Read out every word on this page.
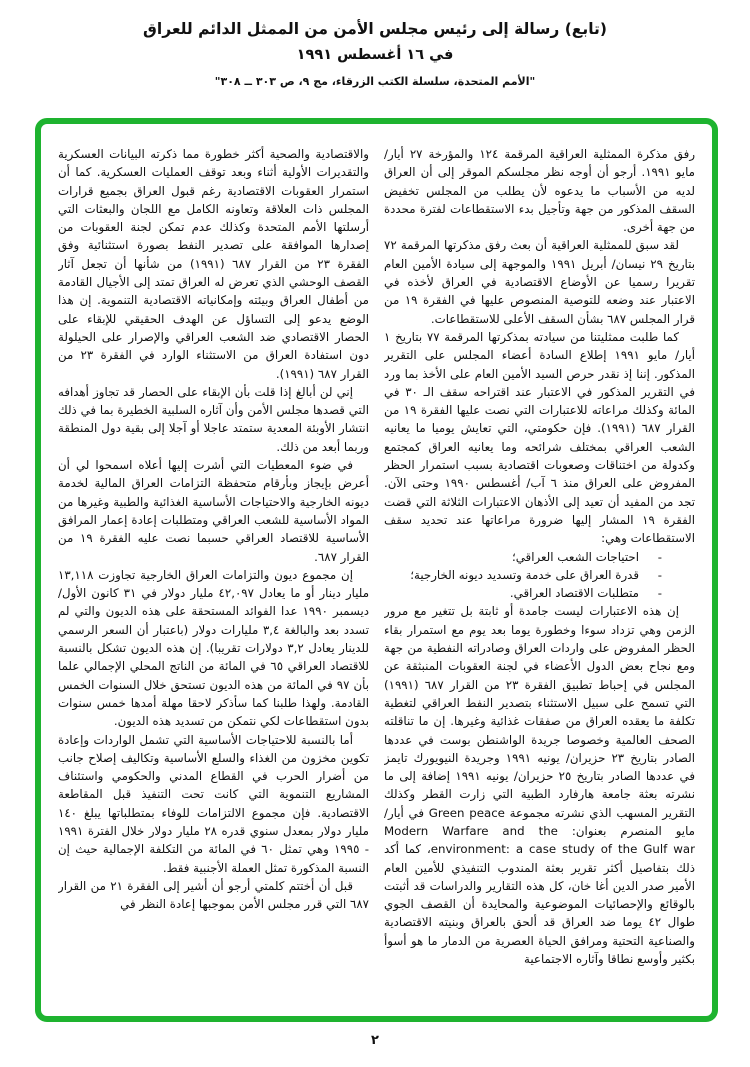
(تابع) رسالة إلى رئيس مجلس الأمن من الممثل الدائم للعراق
في ١٦ أغسطس ١٩٩١
"الأمم المتحدة، سلسلة الكتب الزرقاء، مج ٩، ص ٣٠٣ ــ ٣٠٨"

رفق مذكرة الممثلية العراقية المرقمة ١٢٤ والمؤرخة ٢٧ أيار/ مايو ١٩٩١. أرجو أن أوجه نظر مجلسكم الموقر إلى أن العراق لديه من الأسباب ما يدعوه لأن يطلب من المجلس تخفيض السقف المذكور من جهة وتأجيل بدء الاستقطاعات لفترة محددة من جهة أخرى.

لقد سبق للممثلية العراقية أن بعث رفق مذكرتها المرقمة ٧٢ بتاريخ ٢٩ نيسان/ أبريل ١٩٩١ والموجهة إلى سيادة الأمين العام تقريرا رسميا عن الأوضاع الاقتصادية في العراق لأخذه في الاعتبار عند وضعه للتوصية المنصوص عليها في الفقرة ١٩ من قرار المجلس ٦٨٧ بشأن السقف الأعلى للاستقطاعات.

كما طلبت ممثليتنا من سيادته بمذكرتها المرقمة ٧٧ بتاريخ ١ أيار/ مايو ١٩٩١ إطلاع السادة أعضاء المجلس على التقرير المذكور. إننا إذ نقدر حرص السيد الأمين العام على الأخذ بما ورد في التقرير المذكور في الاعتبار عند اقتراحه سقف الـ ٣٠ في المائة وكذلك مراعاته للاعتبارات التي نصت عليها الفقرة ١٩ من القرار ٦٨٧ (١٩٩١). فإن حكومتي، التي تعايش يوميا ما يعانيه الشعب العراقي بمختلف شرائحه وما يعانيه العراق كمجتمع وكدولة من اختناقات وصعوبات اقتصادية بسبب استمرار الحظر المفروض على العراق منذ ٦ آب/ أغسطس ١٩٩٠ وحتى الآن. تجد من المفيد أن تعيد إلى الأذهان الاعتبارات الثلاثة التي قضت الفقرة ١٩ المشار إليها ضرورة مراعاتها عند تحديد سقف الاستقطاعات وهي:

-
احتياجات الشعب العراقي؛
-
قدرة العراق على خدمة وتسديد ديونه الخارجية؛
-
متطلبات الاقتصاد العراقي.

إن هذه الاعتبارات ليست جامدة أو ثابتة بل تتغير مع مرور الزمن وهي تزداد سوءا وخطورة يوما بعد يوم مع استمرار بقاء الحظر المفروض على واردات العراق وصادراته النفطية من جهة ومع نجاح بعض الدول الأعضاء في لجنة العقوبات المنبثقة عن المجلس في إحباط تطبيق الفقرة ٢٣ من القرار ٦٨٧ (١٩٩١) التي تسمح على سبيل الاستثناء بتصدير النفط العراقي لتغطية تكلفة ما يعقده العراق من صفقات غذائية وغيرها. إن ما تناقلته الصحف العالمية وخصوصا جريدة الواشنطن بوست في عددها الصادر بتاريخ ٢٣ حزيران/ يونيه ١٩٩١ وجريدة النيويورك تايمز في عددها الصادر بتاريخ ٢٥ حزيران/ يونيه ١٩٩١ إضافة إلى ما نشرته بعثة جامعة هارفارد الطبية التي زارت القطر وكذلك التقرير المسهب الذي نشرته مجموعة Green peace في أيار/ مايو المنصرم بعنوان: Modern Warfare and the environment: a case study of the Gulf war، كما أكد ذلك بتفاصيل أكثر تقرير بعثة المندوب التنفيذي للأمين العام الأمير صدر الدين أغا خان، كل هذه التقارير والدراسات قد أثبتت بالوقائع والإحصائيات الموضوعية والمحايدة أن القصف الجوي طوال ٤٢ يوما ضد العراق قد ألحق بالعراق وبنيته الاقتصادية والصناعية التحتية ومرافق الحياة العصرية من الدمار ما هو أسوأ بكثير وأوسع نطاقا وآثاره الاجتماعية

والاقتصادية والصحية أكثر خطورة مما ذكرته البيانات العسكرية والتقديرات الأولية أثناء وبعد توقف العمليات العسكرية. كما أن استمرار العقوبات الاقتصادية رغم قبول العراق بجميع قرارات المجلس ذات العلاقة وتعاونه الكامل مع اللجان والبعثات التي أرسلتها الأمم المتحدة وكذلك عدم تمكن لجنة العقوبات من إصدارها الموافقة على تصدير النفط بصورة استثنائية وفق الفقرة ٢٣ من القرار ٦٨٧ (١٩٩١) من شأنها أن تجعل آثار القصف الوحشي الذي تعرض له العراق تمتد إلى الأجيال القادمة من أطفال العراق وبيئته وإمكانياته الاقتصادية التنموية. إن هذا الوضع يدعو إلى التساؤل عن الهدف الحقيقي للإبقاء على الحصار الاقتصادي ضد الشعب العراقي والإصرار على الحيلولة دون استفادة العراق من الاستثناء الوارد في الفقرة ٢٣ من القرار ٦٨٧ (١٩٩١).

إني لن أبالغ إذا قلت بأن الإبقاء على الحصار قد تجاوز أهدافه التي قصدها مجلس الأمن وأن آثاره السلبية الخطيرة بما في ذلك انتشار الأوبئة المعدية ستمتد عاجلا أو آجلا إلى بقية دول المنطقة وربما أبعد من ذلك.

في ضوء المعطيات التي أشرت إليها أعلاه اسمحوا لي أن أعرض بإيجاز وبأرقام متحفظة التزامات العراق المالية لخدمة ديونه الخارجية والاحتياجات الأساسية الغذائية والطبية وغيرها من المواد الأساسية للشعب العراقي ومتطلبات إعادة إعمار المرافق الأساسية للاقتصاد العراقي حسبما نصت عليه الفقرة ١٩ من القرار ٦٨٧.

إن مجموع ديون والتزامات العراق الخارجية تجاوزت ١٣,١١٨ مليار دينار أو ما يعادل ٤٢,٠٩٧ مليار دولار في ٣١ كانون الأول/ ديسمبر ١٩٩٠ عدا الفوائد المستحقة على هذه الديون والتي لم تسدد بعد والبالغة ٣,٤ مليارات دولار (باعتبار أن السعر الرسمي للدينار يعادل ٣,٢ دولارات تقريبا). إن هذه الديون تشكل بالنسبة للاقتصاد العراقي ٦٥ في المائة من الناتج المحلي الإجمالي علما بأن ٩٧ في المائة من هذه الديون تستحق خلال السنوات الخمس القادمة. ولهذا طلبنا كما سأذكر لاحقا مهلة أمدها خمس سنوات بدون استقطاعات لكي نتمكن من تسديد هذه الديون.

أما بالنسبة للاحتياجات الأساسية التي تشمل الواردات وإعادة تكوين مخزون من الغذاء والسلع الأساسية وتكاليف إصلاح جانب من أضرار الحرب في القطاع المدني والحكومي واستئناف المشاريع التنموية التي كانت تحت التنفيذ قبل المقاطعة الاقتصادية. فإن مجموع الالتزامات للوفاء بمتطلباتها يبلغ ١٤٠ مليار دولار بمعدل سنوي قدره ٢٨ مليار دولار خلال الفترة ١٩٩١ - ١٩٩٥ وهي تمثل ٦٠ في المائة من التكلفة الإجمالية حيث إن النسبة المذكورة تمثل العملة الأجنبية فقط.

قبل أن أختتم كلمتي أرجو أن أشير إلى الفقرة ٢١ من القرار ٦٨٧ التي قرر مجلس الأمن بموجبها إعادة النظر في

٢
